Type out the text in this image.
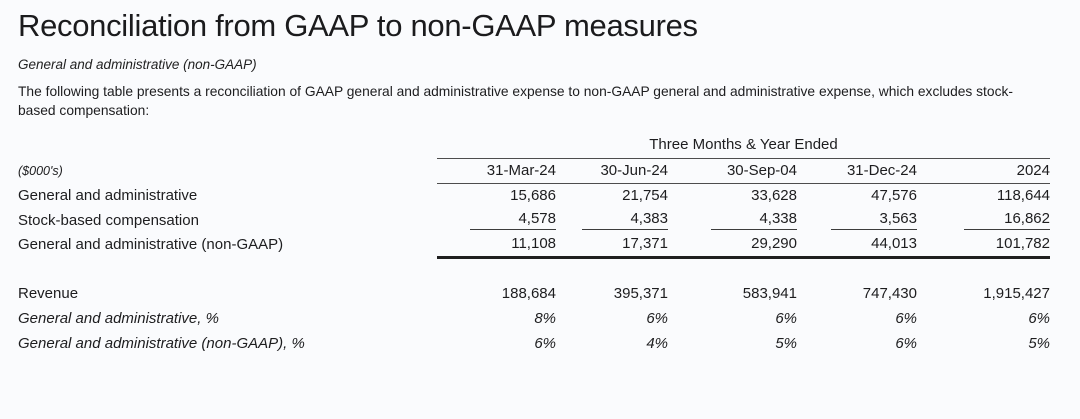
Reconciliation from GAAP to non-GAAP measures

General and administrative (non-GAAP)

The following table presents a reconciliation of GAAP general and administrative expense to non-GAAP general and administrative expense, which excludes stock-based compensation:

	Three Months & Year Ended				
($000's)	31-Mar-24	30-Jun-24	30-Sep-04	31-Dec-24	2024
General and administrative	15,686	21,754	33,628	47,576	118,644
Stock-based compensation	4,578	4,383	4,338	3,563	16,862
General and administrative (non-GAAP)	11,108	17,371	29,290	44,013	101,782

Revenue	188,684	395,371	583,941	747,430	1,915,427
General and administrative, %	8%	6%	6%	6%	6%
General and administrative (non-GAAP), %	6%	4%	5%	6%	5%
